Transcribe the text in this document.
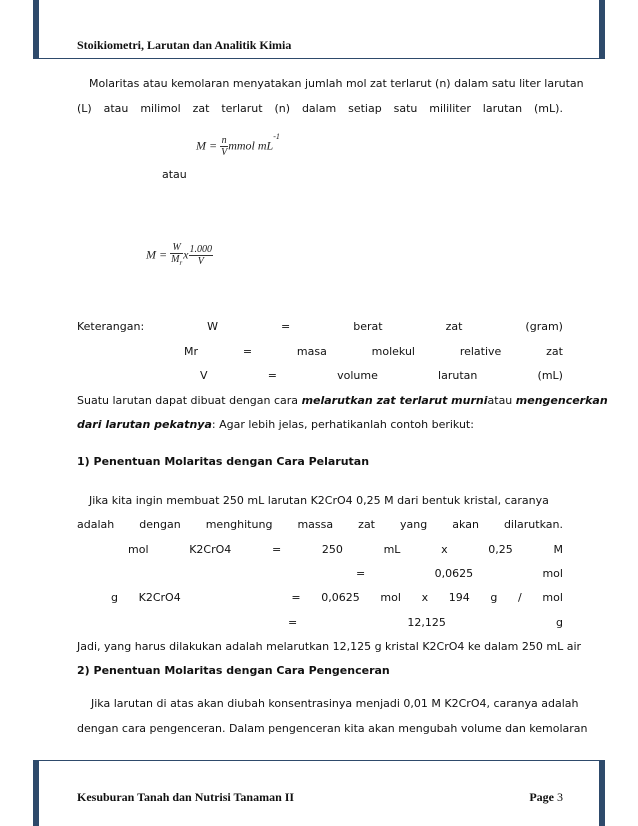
Stoikiometri, Larutan dan Analitik Kimia
Molaritas atau kemolaran menyatakan jumlah mol zat terlarut (n) dalam satu liter larutan
(L) atau milimol zat terlarut (n) dalam setiap satu mililiter larutan (mL).
$M = \frac{n}{V}$ mmol $mL^{-1}$
atau
$M = \frac{W}{M_r}$ x $\frac{1.000}{V}$
Keterangan:	W	=	berat	zat	(gram)
Mr	=	masa	molekul	relative	zat
V	=	volume	larutan	(mL)
Suatu larutan dapat dibuat dengan cara melarutkan zat terlarut murniatau mengencerkan
dari larutan pekatnya: Agar lebih jelas, perhatikanlah contoh berikut:
1) Penentuan Molaritas dengan Cara Pelarutan
Jika kita ingin membuat 250 mL larutan K2CrO4 0,25 M dari bentuk kristal, caranya
adalah dengan menghitung massa zat yang akan dilarutkan.
mol	K2CrO4	=	250	mL	x	0,25	M
=	0,0625	mol
g K2CrO4	= 0,0625 mol x 194 g / mol
=	12,125	g
Jadi, yang harus dilakukan adalah melarutkan 12,125 g kristal K2CrO4 ke dalam 250 mL air
2) Penentuan Molaritas dengan Cara Pengenceran
Jika larutan di atas akan diubah konsentrasinya menjadi 0,01 M K2CrO4, caranya adalah
dengan cara pengenceran. Dalam pengenceran kita akan mengubah volume dan kemolaran
Kesuburan Tanah dan Nutrisi Tanaman II	Page 3
